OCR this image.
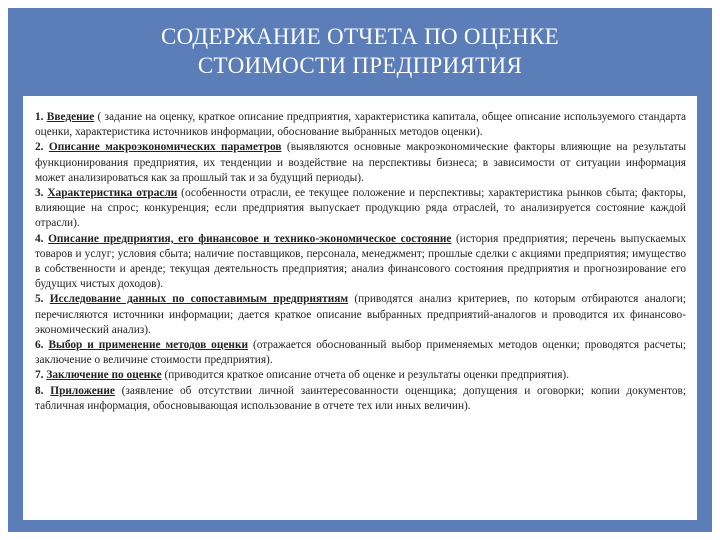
СОДЕРЖАНИЕ ОТЧЕТА ПО ОЦЕНКЕ
СТОИМОСТИ ПРЕДПРИЯТИЯ

1. Введение ( задание на оценку, краткое описание предприятия, характеристика капитала, общее описание используемого стандарта оценки, характеристика источников информации, обоснование выбранных методов оценки).

2. Описание макроэкономических параметров (выявляются основные макроэкономические факторы влияющие на результаты функционирования предприятия, их тенденции и воздействие на перспективы бизнеса; в зависимости от ситуации информация может анализироваться как за прошлый так и за будущий периоды).

3. Характеристика отрасли (особенности отрасли, ее текущее положение и перспективы; характеристика рынков сбыта; факторы, влияющие на спрос; конкуренция; если предприятия выпускает продукцию ряда отраслей, то анализируется состояние каждой отрасли).

4. Описание предприятия, его финансовое и технико-экономическое состояние (история предприятия; перечень выпускаемых товаров и услуг; условия сбыта; наличие поставщиков, персонала, менеджмент; прошлые сделки с акциями предприятия; имущество в собственности и аренде; текущая деятельность предприятия; анализ финансового состояния предприятия и прогнозирование его будущих чистых доходов).

5. Исследование данных по сопоставимым предприятиям (приводятся анализ критериев, по которым отбираются аналоги; перечисляются источники информации; дается краткое описание выбранных предприятий-аналогов и проводится их финансово- экономический анализ).

6. Выбор и применение методов оценки (отражается обоснованный выбор применяемых методов оценки; проводятся расчеты; заключение о величине стоимости предприятия).

7. Заключение по оценке (приводится краткое описание отчета об оценке и результаты оценки предприятия).

8. Приложение (заявление об отсутствии личной заинтересованности оценщика; допущения и оговорки; копии документов; табличная информация, обосновывающая использование в отчете тех или иных величин).
